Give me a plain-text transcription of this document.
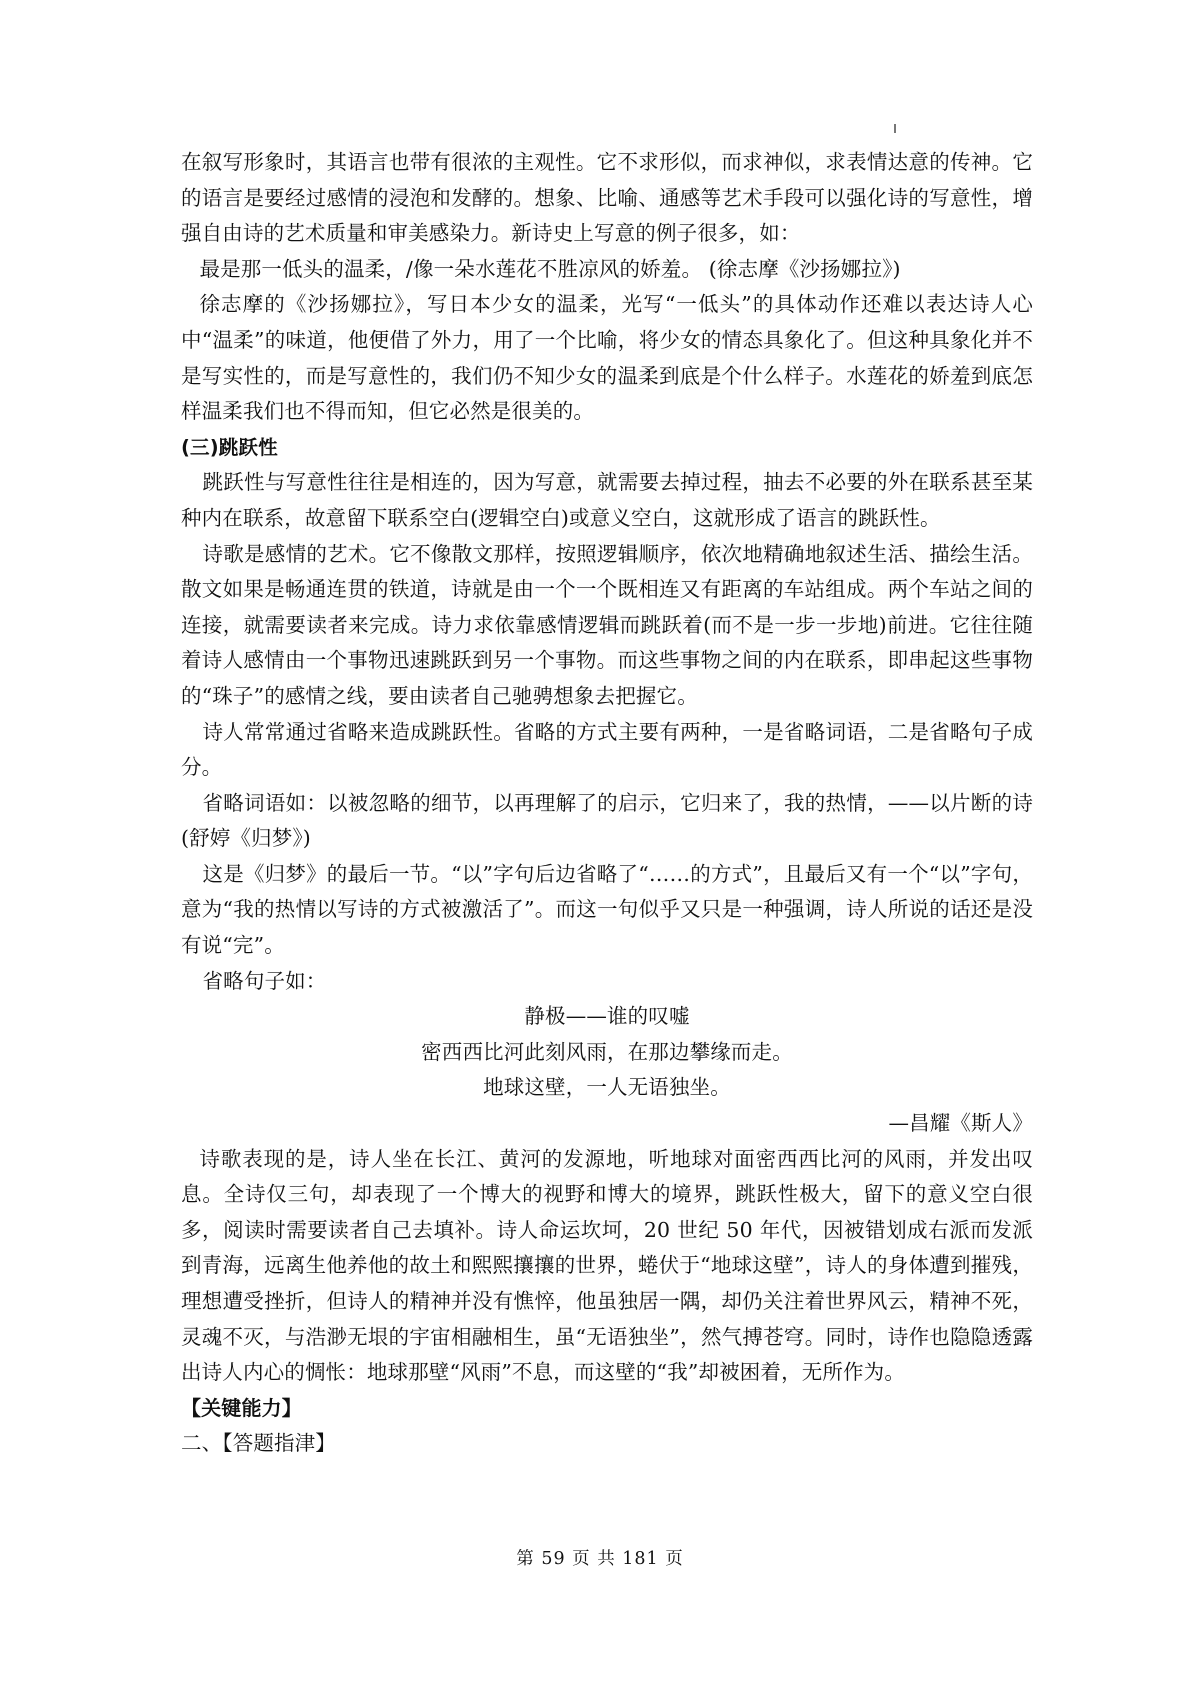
在叙写形象时，其语言也带有很浓的主观性。它不求形似，而求神似，求表情达意的传神。它的语言是要经过感情的浸泡和发酵的。想象、比喻、通感等艺术手段可以强化诗的写意性，增强自由诗的艺术质量和审美感染力。新诗史上写意的例子很多，如：

最是那一低头的温柔，/像一朵水莲花不胜凉风的娇羞。 (徐志摩《沙扬娜拉》)

徐志摩的《沙扬娜拉》，写日本少女的温柔，光写“一低头”的具体动作还难以表达诗人心中“温柔”的味道，他便借了外力，用了一个比喻，将少女的情态具象化了。但这种具象化并不是写实性的，而是写意性的，我们仍不知少女的温柔到底是个什么样子。水莲花的娇羞到底怎样温柔我们也不得而知，但它必然是很美的。

(三)跳跃性

跳跃性与写意性往往是相连的，因为写意，就需要去掉过程，抽去不必要的外在联系甚至某种内在联系，故意留下联系空白(逻辑空白)或意义空白，这就形成了语言的跳跃性。

诗歌是感情的艺术。它不像散文那样，按照逻辑顺序，依次地精确地叙述生活、描绘生活。散文如果是畅通连贯的铁道，诗就是由一个一个既相连又有距离的车站组成。两个车站之间的连接，就需要读者来完成。诗力求依靠感情逻辑而跳跃着(而不是一步一步地)前进。它往往随着诗人感情由一个事物迅速跳跃到另一个事物。而这些事物之间的内在联系，即串起这些事物的“珠子”的感情之线，要由读者自己驰骋想象去把握它。

诗人常常通过省略来造成跳跃性。省略的方式主要有两种，一是省略词语，二是省略句子成分。

省略词语如：以被忽略的细节，以再理解了的启示，它归来了，我的热情，——以片断的诗(舒婷《归梦》)

这是《归梦》的最后一节。“以”字句后边省略了“……的方式”，且最后又有一个“以”字句，意为“我的热情以写诗的方式被激活了”。而这一句似乎又只是一种强调，诗人所说的话还是没有说“完”。

省略句子如：

静极——谁的叹嘘

密西西比河此刻风雨，在那边攀缘而走。

地球这壁，一人无语独坐。

—昌耀《斯人》

诗歌表现的是，诗人坐在长江、黄河的发源地，听地球对面密西西比河的风雨，并发出叹息。全诗仅三句，却表现了一个博大的视野和博大的境界，跳跃性极大，留下的意义空白很多，阅读时需要读者自己去填补。诗人命运坎坷，20 世纪 50 年代，因被错划成右派而发派到青海，远离生他养他的故土和熙熙攘攘的世界，蜷伏于“地球这壁”，诗人的身体遭到摧残，理想遭受挫折，但诗人的精神并没有憔悴，他虽独居一隅，却仍关注着世界风云，精神不死，灵魂不灭，与浩渺无垠的宇宙相融相生，虽“无语独坐”，然气搏苍穹。同时，诗作也隐隐透露出诗人内心的惆怅：地球那壁“风雨”不息，而这壁的“我”却被困着，无所作为。

【关键能力】

二、【答题指津】

第 59 页 共 181 页
